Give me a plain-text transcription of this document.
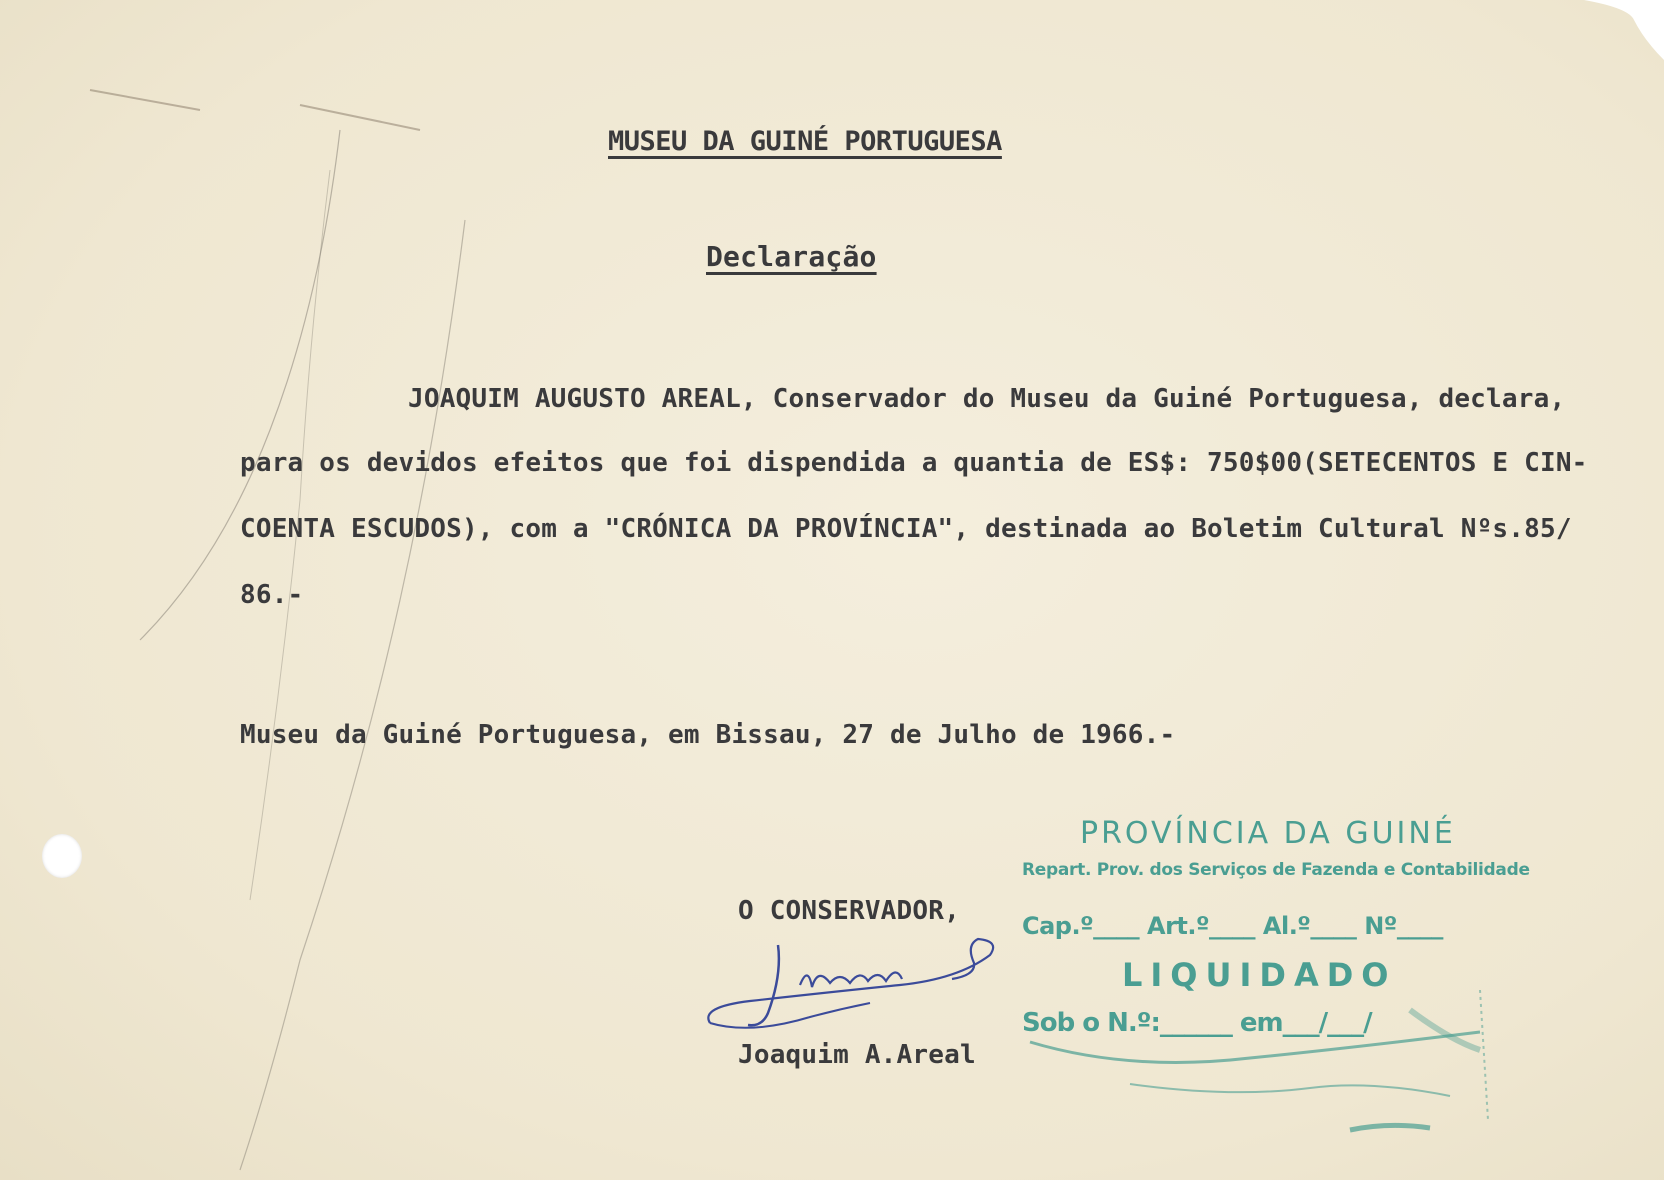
MUSEU DA GUINÉ PORTUGUESA
Declaração
JOAQUIM AUGUSTO AREAL, Conservador do Museu da Guiné Portuguesa, declara,
para os devidos efeitos que foi dispendida a quantia de ES$: 750$00(SETECENTOS E CIN-
COENTA ESCUDOS), com a "CRÓNICA DA PROVÍNCIA", destinada ao Boletim Cultural Nºs.85/
86.-
Museu da Guiné Portuguesa, em Bissau, 27 de Julho de 1966.-
O CONSERVADOR,
Joaquim A.Areal
PROVÍNCIA DA GUINÉ
Repart. Prov. dos Serviços de Fazenda e Contabilidade
Cap.º____ Art.º____ Al.º____ Nº____
LIQUIDADO
Sob o N.º:______ em___/___/
